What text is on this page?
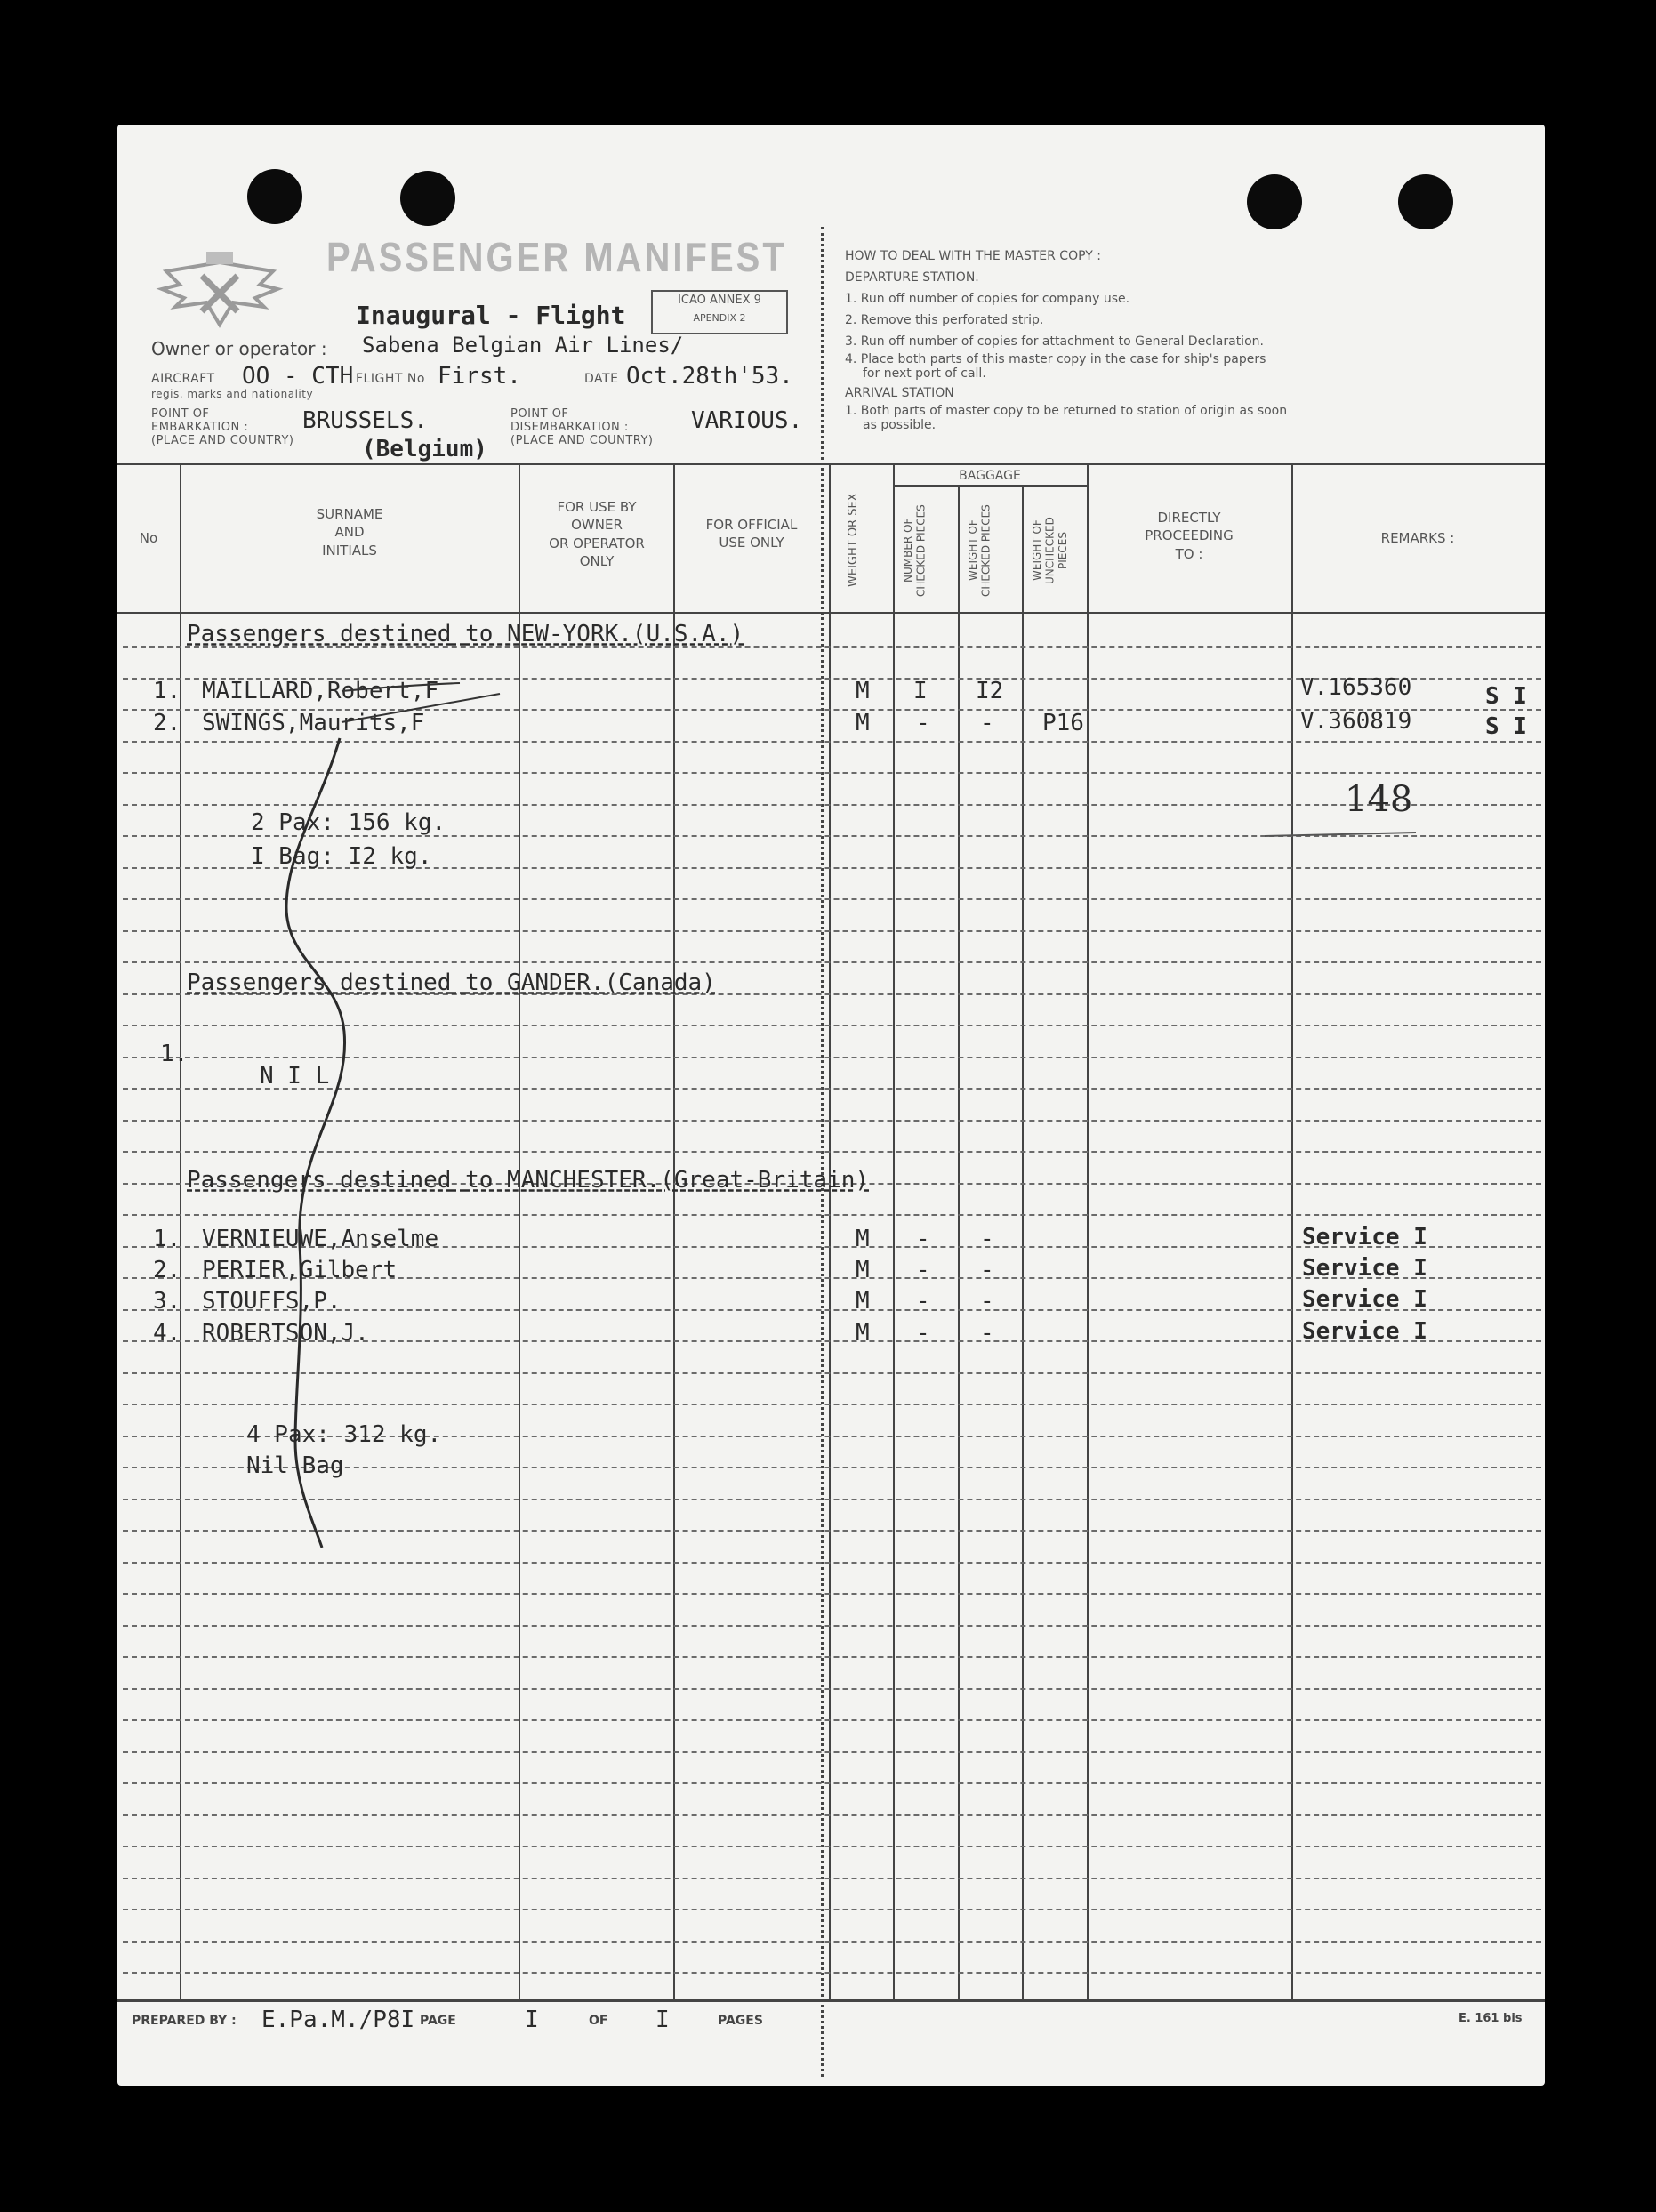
PASSENGER MANIFEST
Inaugural - Flight
ICAO ANNEX 9
APENDIX 2
Owner or operator : Sabena Belgian Air Lines/
AIRCRAFT OO - CTH
regis. marks and nationality
FLIGHT No First.	DATE Oct.28th'53.
POINT OF
EMBARKATION :
(PLACE AND COUNTRY)
BRUSSELS.
(Belgium)
POINT OF
DISEMBARKATION :
(PLACE AND COUNTRY)
VARIOUS.
HOW TO DEAL WITH THE MASTER COPY :
DEPARTURE STATION.
1. Run off number of copies for company use.
2. Remove this perforated strip.
3. Run off number of copies for attachment to General Declaration.
4. Place both parts of this master copy in the case for ship's papers
for next port of call.
ARRIVAL STATION
1. Both parts of master copy to be returned to station of origin as soon
as possible.
No
SURNAME
AND
INITIALS
FOR USE BY
OWNER
OR OPERATOR
ONLY
FOR OFFICIAL
USE ONLY	WEIGHT OR SEX
BAGGAGE
NUMBER OF CHECKED PIECES	WEIGHT OF CHECKED PIECES	WEIGHT OF UNCHECKED PIECES
DIRECTLY
PROCEEDING
TO :
REMARKS :
Passengers destined to NEW-YORK.(U.S.A.)
1. MAILLARD,Robert,F	M I I2	V.165360	S I
2. SWINGS,Maurits,F	M - - P16	V.360819	S I
148
2 Pax: 156 kg.
I Bag: I2 kg.
Passengers destined to GANDER.(Canada)
1.
N I L
Passengers destined to MANCHESTER.(Great-Britain)
1. VERNIEUWE,Anselme	M - -	Service I
2. PERIER,Gilbert	M - -	Service I
3. STOUFFS,P.	M - -	Service I
4. ROBERTSON,J.	M - -	Service I
4 Pax: 312 kg.
Nil Bag
PREPARED BY : E.Pa.M./P8I PAGE	I	OF I	PAGES	E. 161 bis
